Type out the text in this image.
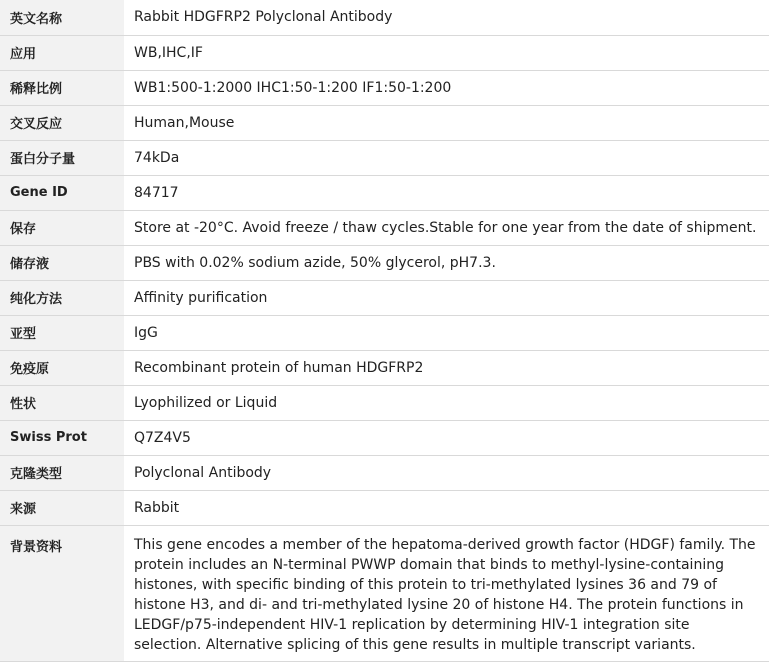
英文名称	Rabbit HDGFRP2 Polyclonal Antibody
应用	WB,IHC,IF
稀释比例	WB1:500-1:2000 IHC1:50-1:200 IF1:50-1:200
交叉反应	Human,Mouse
蛋白分子量	74kDa
Gene ID	84717
保存	Store at -20°C. Avoid freeze / thaw cycles.Stable for one year from the date of shipment.
储存液	PBS with 0.02% sodium azide, 50% glycerol, pH7.3.
纯化方法	Affinity purification
亚型	IgG
免疫原	Recombinant protein of human HDGFRP2
性状	Lyophilized or Liquid
Swiss Prot	Q7Z4V5
克隆类型	Polyclonal Antibody
来源	Rabbit
背景资料	This gene encodes a member of the hepatoma-derived growth factor (HDGF) family. The protein includes an N-terminal PWWP domain that binds to methyl-lysine-containing histones, with specific binding of this protein to tri-methylated lysines 36 and 79 of histone H3, and di- and tri-methylated lysine 20 of histone H4. The protein functions in LEDGF/p75-independent HIV-1 replication by determining HIV-1 integration site selection. Alternative splicing of this gene results in multiple transcript variants.
